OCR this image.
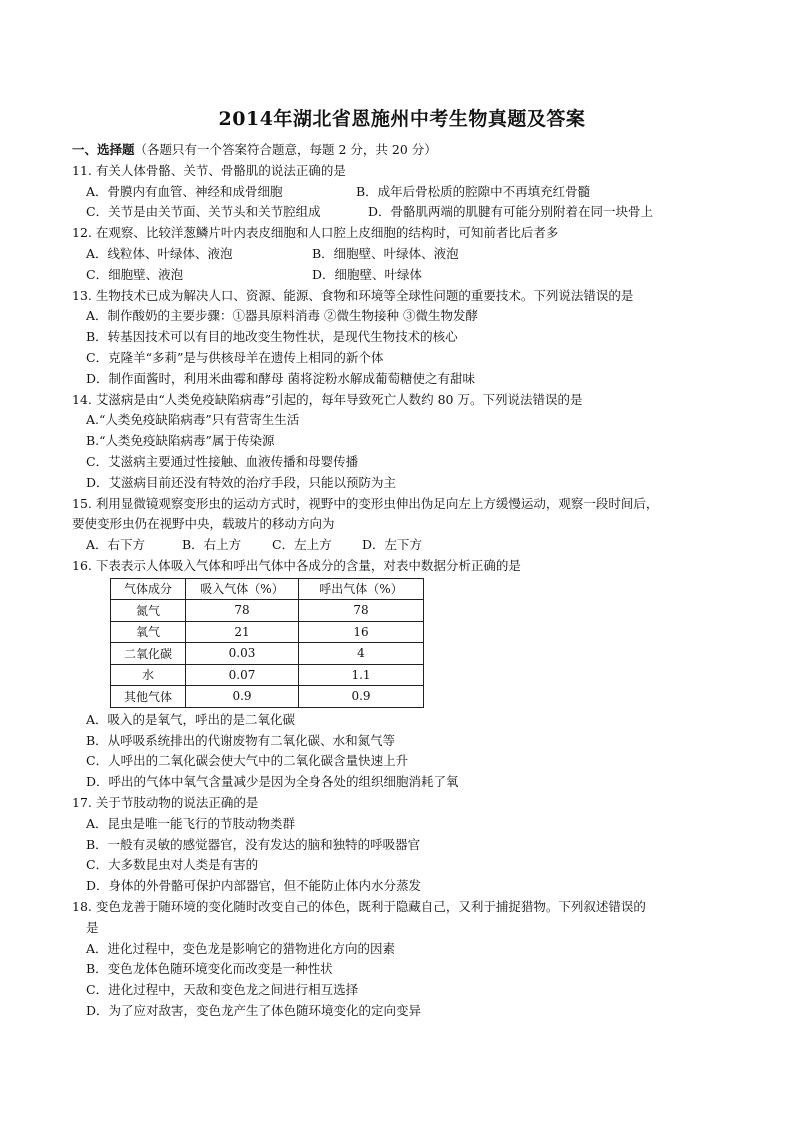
2014年湖北省恩施州中考生物真题及答案
一、选择题（各题只有一个答案符合题意，每题 2 分，共 20 分）
11. 有关人体骨骼、关节、骨骼肌的说法正确的是
A．骨膜内有血管、神经和成骨细胞	B．成年后骨松质的腔隙中不再填充红骨髓
C．关节是由关节面、关节头和关节腔组成	D．骨骼肌两端的肌腱有可能分别附着在同一块骨上
12. 在观察、比较洋葱鳞片叶内表皮细胞和人口腔上皮细胞的结构时，可知前者比后者多
A．线粒体、叶绿体、液泡	B．细胞壁、叶绿体、液泡
C．细胞壁、液泡	D．细胞壁、叶绿体
13. 生物技术已成为解决人口、资源、能源、食物和环境等全球性问题的重要技术。下列说法错误的是
A．制作酸奶的主要步骤：①器具原料消毒 ②微生物接种 ③微生物发酵
B．转基因技术可以有目的地改变生物性状，是现代生物技术的核心
C．克隆羊“多莉”是与供核母羊在遗传上相同的新个体
D．制作面酱时，利用米曲霉和酵母 菌将淀粉水解成葡萄糖使之有甜味
14. 艾滋病是由“人类免疫缺陷病毒”引起的，每年导致死亡人数约 80 万。下列说法错误的是
A.“人类免疫缺陷病毒”只有营寄生生活
B.“人类免疫缺陷病毒”属于传染源
C．艾滋病主要通过性接触、血液传播和母婴传播
D．艾滋病目前还没有特效的治疗手段，只能以预防为主
15. 利用显微镜观察变形虫的运动方式时，视野中的变形虫伸出伪足向左上方缓慢运动，观察一段时间后，
要使变形虫仍在视野中央，载玻片的移动方向为
A．右下方	B．右上方	C．左上方	D．左下方
16. 下表表示人体吸入气体和呼出气体中各成分的含量，对表中数据分析正确的是
气体成分	吸入气体（%）	呼出气体（%）
氮气	78	78
氧气	21	16
二氧化碳	0.03	4
水	0.07	1.1
其他气体	0.9	0.9
A．吸入的是氧气，呼出的是二氧化碳
B．从呼吸系统排出的代谢废物有二氧化碳、水和氮气等
C．人呼出的二氧化碳会使大气中的二氧化碳含量快速上升
D．呼出的气体中氧气含量减少是因为全身各处的组织细胞消耗了氧
17. 关于节肢动物的说法正确的是
A．昆虫是唯一能飞行的节肢动物类群
B．一般有灵敏的感觉器官，没有发达的脑和独特的呼吸器官
C．大多数昆虫对人类是有害的
D．身体的外骨骼可保护内部器官，但不能防止体内水分蒸发
18. 变色龙善于随环境的变化随时改变自己的体色，既利于隐藏自己，又利于捕捉猎物。下列叙述错误的
是
A．进化过程中，变色龙是影响它的猎物进化方向的因素
B．变色龙体色随环境变化而改变是一种性状
C．进化过程中，天敌和变色龙之间进行相互选择
D．为了应对敌害，变色龙产生了体色随环境变化的定向变异
